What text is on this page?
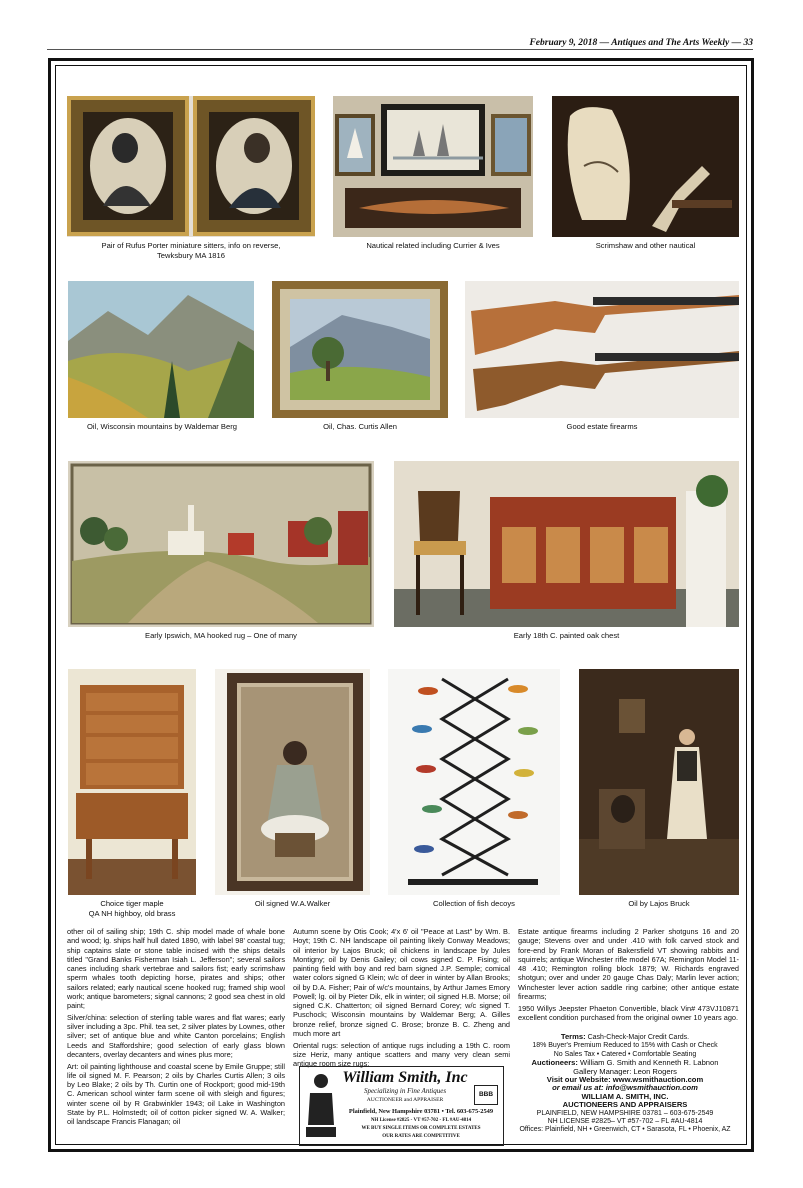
February 9, 2018 — Antiques and The Arts Weekly — 33
Pair of Rufus Porter miniature sitters, info on reverse,
Tewksbury MA 1816
Nautical related including Currier & Ives	Scrimshaw and other nautical
Oil, Wisconsin mountains by Waldemar Berg	Oil, Chas. Curtis Allen	Good estate firearms
Early Ipswich, MA hooked rug – One of many	Early 18th C. painted oak chest
Choice tiger maple
QA NH highboy, old brass
Oil signed W.A.Walker	Collection of fish decoys	Oil by Lajos Bruck

other oil of sailing ship; 19th C. ship model made of whale bone and wood; lg. ships half hull dated 1890, with label 98' coastal tug; ship captains slate or stone table incised with the ships details titled "Grand Banks Fisherman Isiah L. Jefferson"; several sailors canes including shark vertebrae and sailors fist; early scrimshaw sperm whales tooth depicting horse, pirates and ships; other sailors related; early nautical scene hooked rug; framed ship wool work; antique barometers; signal cannons; 2 good sea chest in old paint;

Silver/china: selection of sterling table wares and flat wares; early silver including a 3pc. Phil. tea set, 2 silver plates by Lownes, other silver; set of antique blue and white Canton porcelains; English Leeds and Staffordshire; good selection of early glass blown decanters, overlay decanters and wines plus more;

Art: oil painting lighthouse and coastal scene by Emile Gruppe; still life oil signed M. F. Pearson; 2 oils by Charles Curtis Allen; 3 oils by Leo Blake; 2 oils by Th. Curtin one of Rockport; good mid-19th C. American school winter farm scene oil with sleigh and figures; winter scene oil by R Grabwinkler 1943; oil Lake in Washington State by P.L. Holmstedt; oil of cotton picker signed W. A. Walker; oil landscape Francis Flanagan; oil

Autumn scene by Otis Cook; 4'x 6' oil "Peace at Last" by Wm. B. Hoyt; 19th C. NH landscape oil painting likely Conway Meadows; oil interior by Lajos Bruck; oil chickens in landscape by Jules Montigny; oil by Denis Gailey; oil cows signed C. P. Fising; oil painting field with boy and red barn signed J.P. Semple; comical water colors signed G Klein; w/c of deer in winter by Allan Brooks; oil by D.A. Fisher; Pair of w/c's mountains, by Arthur James Emory Powell; lg. oil by Pieter Dik, elk in winter; oil signed H.B. Morse; oil signed C.K. Chatterton; oil signed Bernard Corey; w/c signed T. Puschock; Wisconsin mountains by Waldemar Berg; A. Gilles bronze relief, bronze signed C. Brose; bronze B. C. Zheng and much more art

Oriental rugs: selection of antique rugs including a 19th C. room size Heriz, many antique scatters and many very clean semi antique room size rugs;

Estate antique firearms including 2 Parker shotguns 16 and 20 gauge; Stevens over and under .410 with folk carved stock and fore-end by Frank Moran of Bakersfield VT showing rabbits and squirrels; antique Winchester rifle model 67A; Remington Model 11-48 .410; Remington rolling block 1879; W. Richards engraved shotgun; over and under 20 gauge Chas Daly; Marlin lever action; Winchester lever action saddle ring carbine; other antique estate firearms;

1950 Willys Jeepster Phaeton Convertible, black Vin# 473VJ10871 excellent condition purchased from the original owner 10 years ago.

William Smith, Inc
Specializing in Fine Antiques
AUCTIONEER and APPRAISER
BBB
Plainfield, New Hampshire 03781 • Tel. 603-675-2549
NH License #2825 - VT #57-702 - FL #AU-4814
WE BUY SINGLE ITEMS OR COMPLETE ESTATES
OUR RATES ARE COMPETITIVE
Terms: Cash-Check-Major Credit Cards.
18% Buyer's Premium Reduced to 15% with Cash or Check
No Sales Tax • Catered • Comfortable Seating
Auctioneers: William G. Smith and Kenneth R. Labnon
Gallery Manager: Leon Rogers
Visit our Website: www.wsmithauction.com
or email us at: info@wsmithauction.com
WILLIAM A. SMITH, INC.
AUCTIONEERS AND APPRAISERS
PLAINFIELD, NEW HAMPSHIRE 03781 – 603-675-2549
NH LICENSE #2825– VT #57-702 – FL #AU-4814
Offices: Plainfield, NH • Greenwich, CT • Sarasota, FL • Phoenix, AZ
